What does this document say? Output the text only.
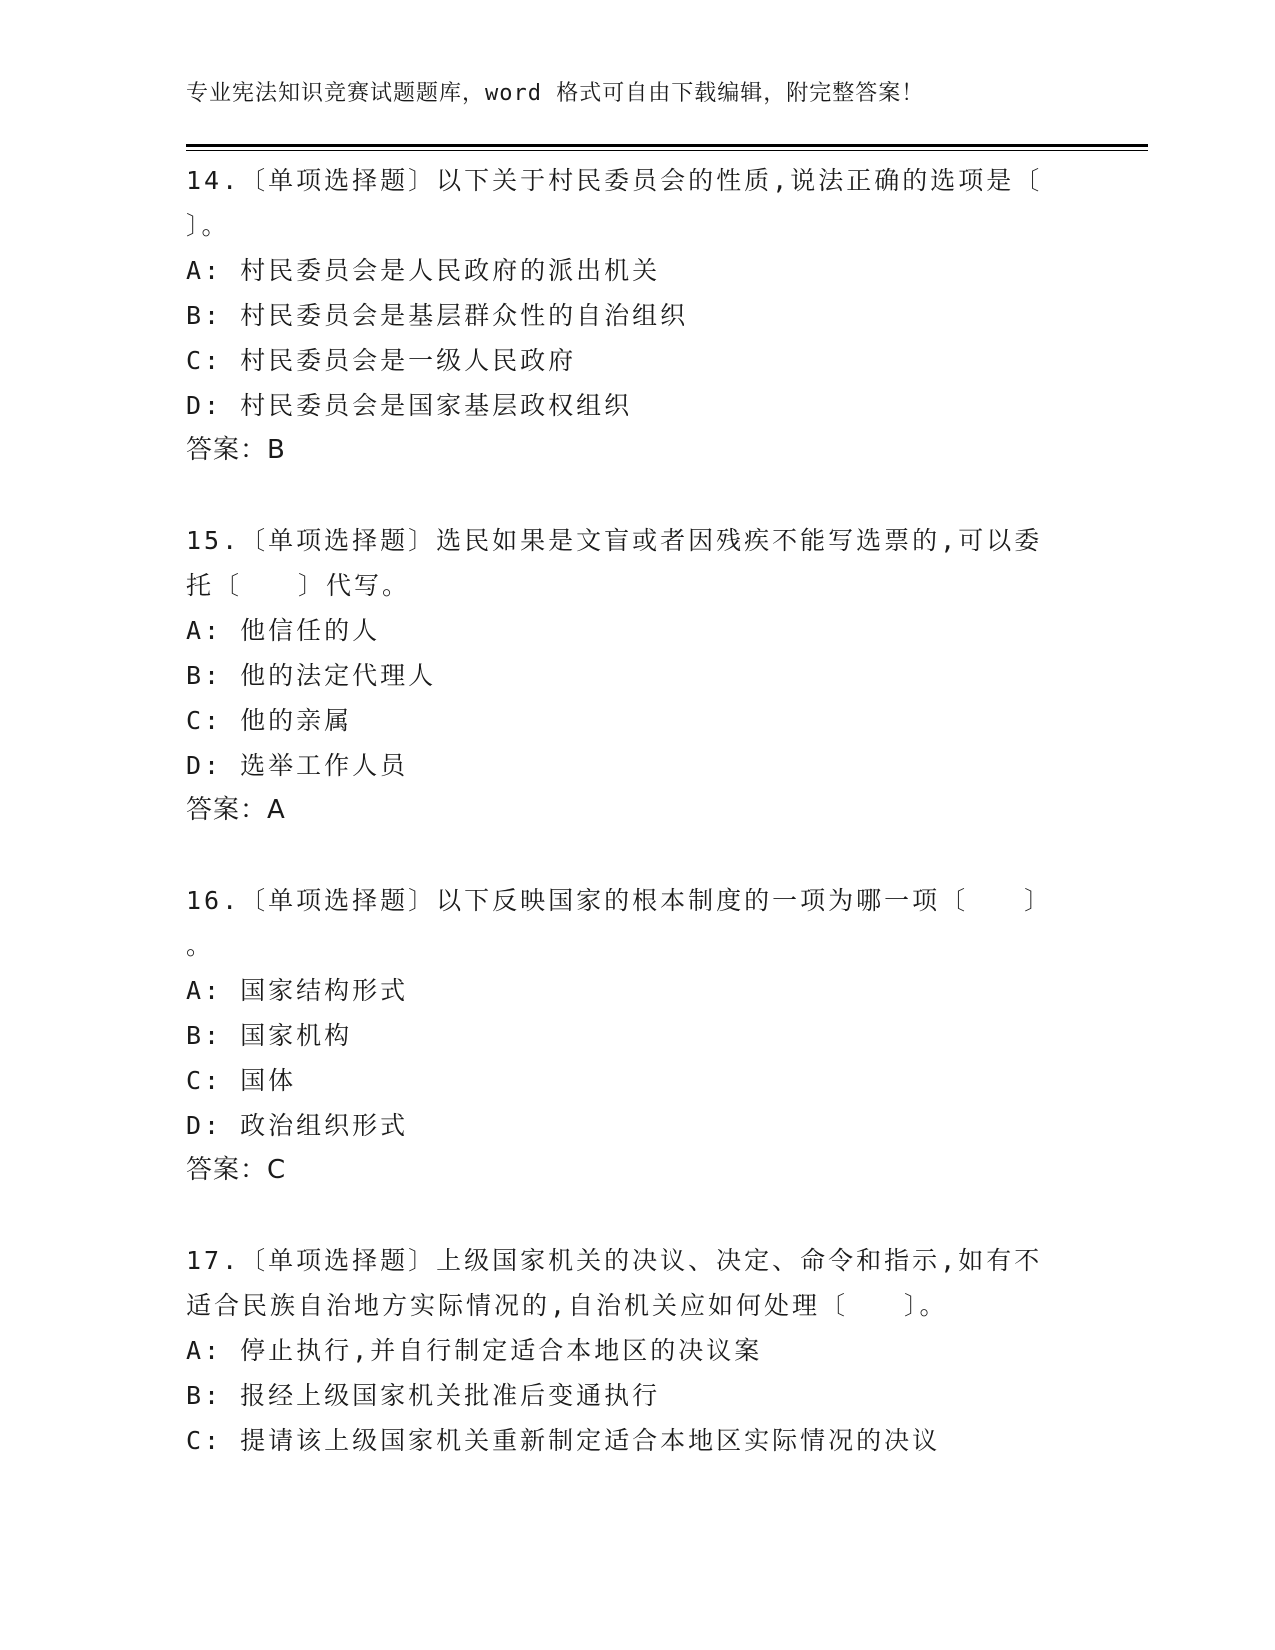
专业宪法知识竞赛试题题库，word 格式可自由下载编辑，附完整答案！
14.〔单项选择题〕以下关于村民委员会的性质,说法正确的选项是〔
〕。
A: 村民委员会是人民政府的派出机关
B: 村民委员会是基层群众性的自治组织
C: 村民委员会是一级人民政府
D: 村民委员会是国家基层政权组织
答案：B
15.〔单项选择题〕选民如果是文盲或者因残疾不能写选票的,可以委
托〔　　〕代写。
A: 他信任的人
B: 他的法定代理人
C: 他的亲属
D: 选举工作人员
答案：A
16.〔单项选择题〕以下反映国家的根本制度的一项为哪一项〔　　〕
。
A: 国家结构形式
B: 国家机构
C: 国体
D: 政治组织形式
答案：C
17.〔单项选择题〕上级国家机关的决议、决定、命令和指示,如有不
适合民族自治地方实际情况的,自治机关应如何处理〔　　〕。
A: 停止执行,并自行制定适合本地区的决议案
B: 报经上级国家机关批准后变通执行
C: 提请该上级国家机关重新制定适合本地区实际情况的决议
